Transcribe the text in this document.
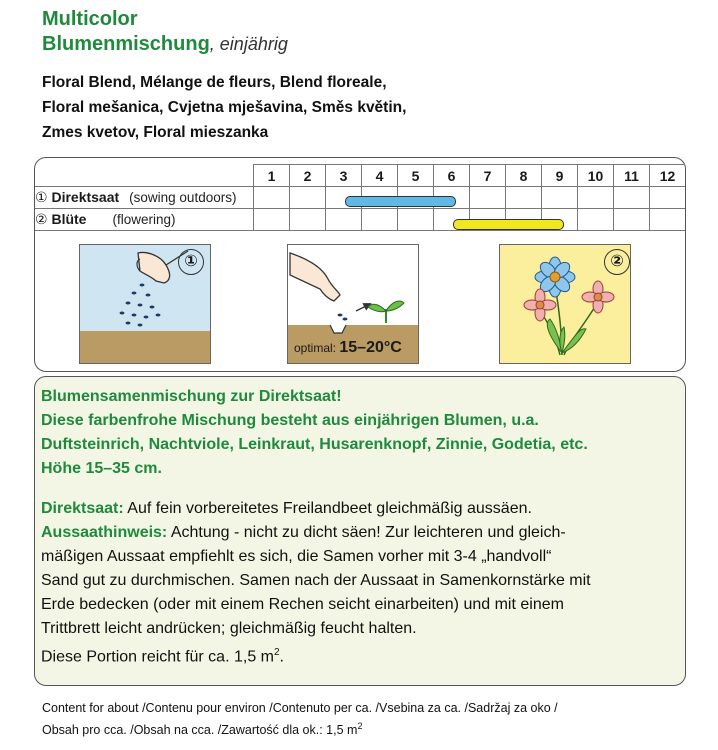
Multicolor
Blumenmischung, einjährig
Floral Blend, Mélange de fleurs, Blend floreale,
Floral mešanica, Cvjetna mješavina, Směs květin,
Zmes kvetov, Floral mieszanka
	1	2	3	4	5	6	7	8	9	10	11	12
① Direktsaat (sowing outdoors)												
② Blüte (flowering)												
①
optimal: 15–20°C
②
Blumensamenmischung zur Direktsaat!
Diese farbenfrohe Mischung besteht aus einjährigen Blumen, u.a.
Duftsteinrich, Nachtviole, Leinkraut, Husarenknopf, Zinnie, Godetia, etc.
Höhe 15–35 cm.
Direktsaat: Auf fein vorbereitetes Freilandbeet gleichmäßig aussäen.
Aussaathinweis: Achtung - nicht zu dicht säen! Zur leichteren und gleich-
mäßigen Aussaat empfiehlt es sich, die Samen vorher mit 3-4 „handvoll“
Sand gut zu durchmischen. Samen nach der Aussaat in Samenkornstärke mit
Erde bedecken (oder mit einem Rechen seicht einarbeiten) und mit einem
Trittbrett leicht andrücken; gleichmäßig feucht halten.
Diese Portion reicht für ca. 1,5 $m^2$.
Content for about /Contenu pour environ /Contenuto per ca. /Vsebina za ca. /Sadržaj za oko /
Obsah pro cca. /Obsah na cca. /Zawartość dla ok.: 1,5 $m^2$
